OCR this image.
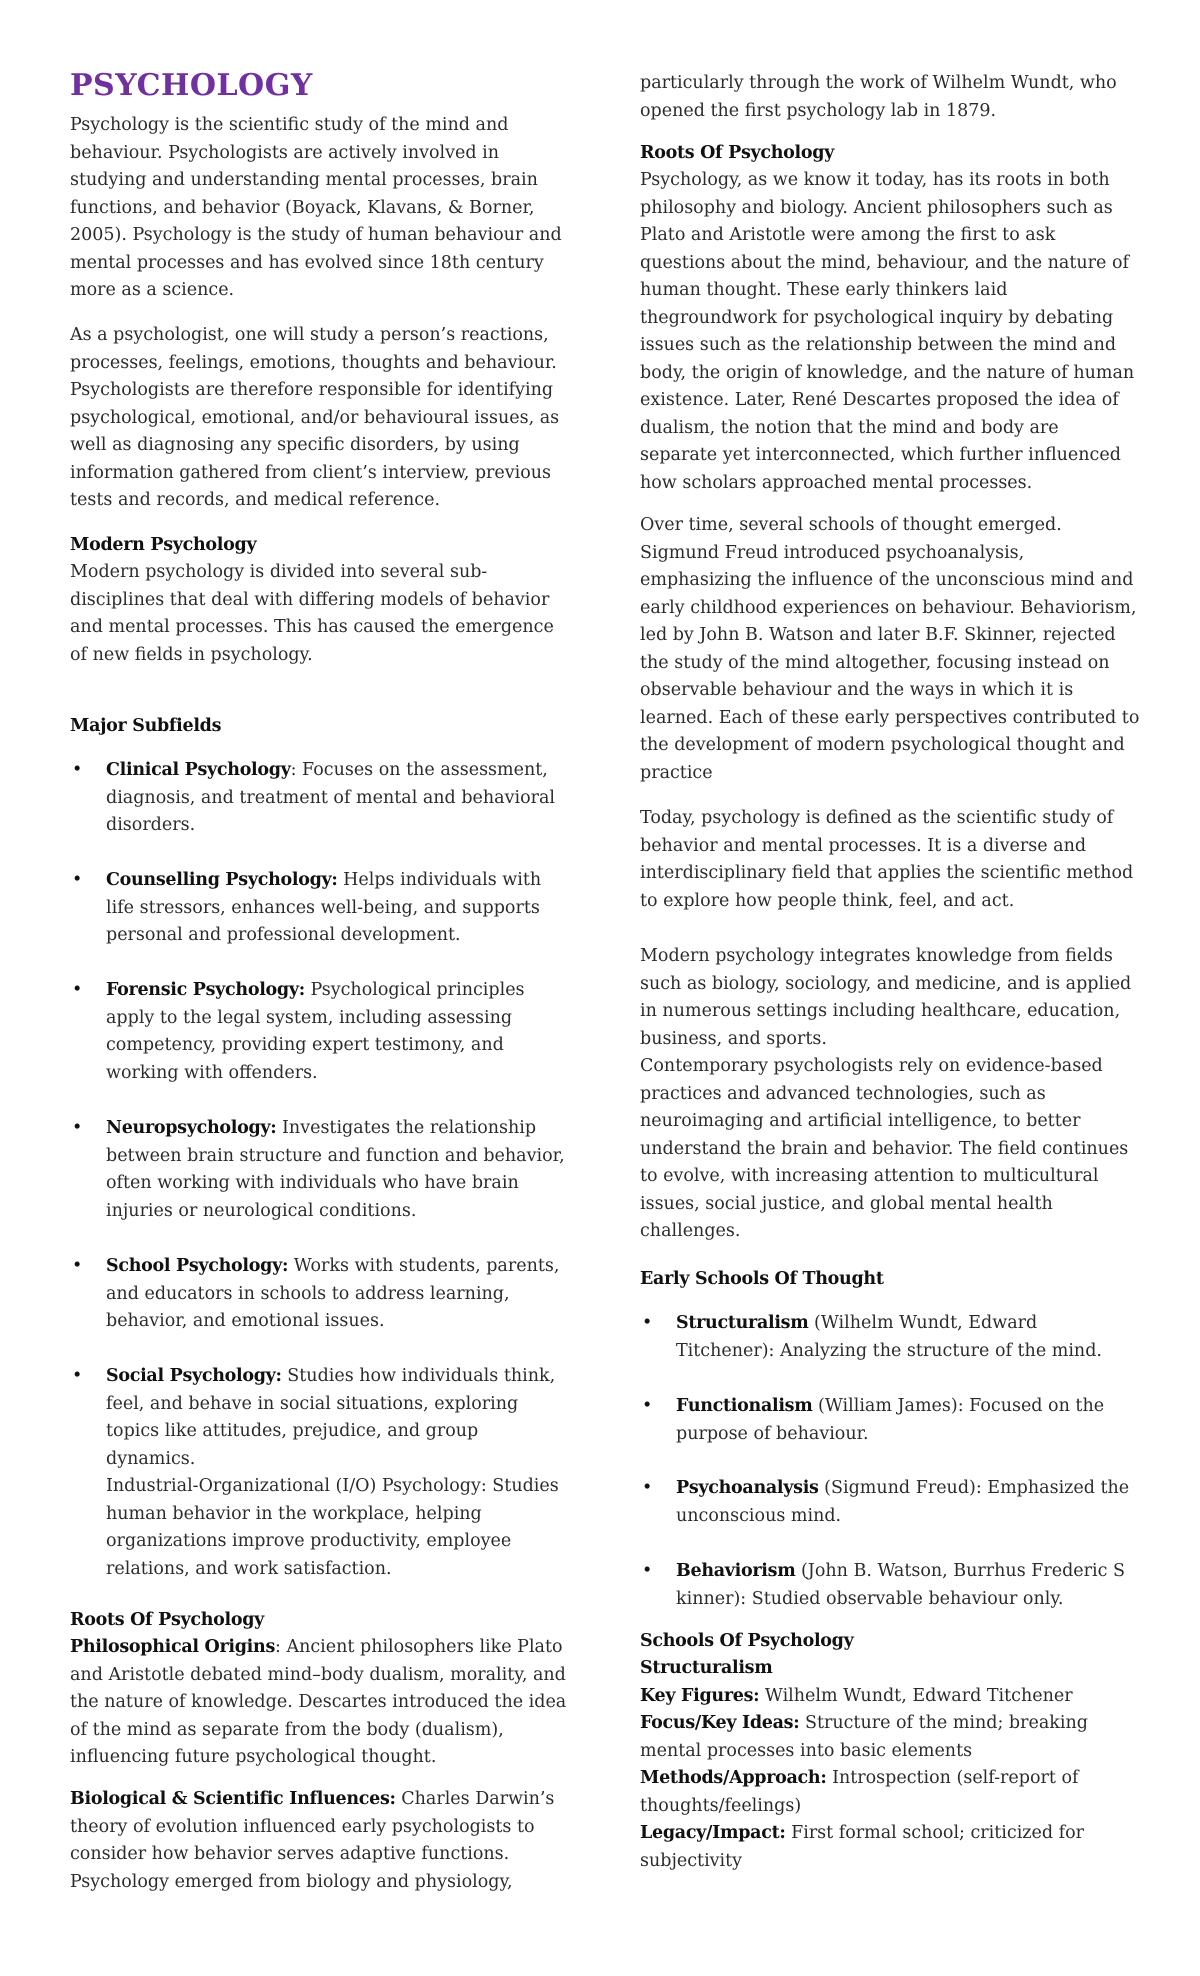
PSYCHOLOGY

Psychology is the scientific study of the mind and behaviour. Psychologists are actively involved in studying and understanding mental processes, brain functions, and behavior (Boyack, Klavans, & Borner, 2005). Psychology is the study of human behaviour and mental processes and has evolved since 18th century more as a science.

As a psychologist, one will study a person’s reactions, processes, feelings, emotions, thoughts and behaviour. Psychologists are therefore responsible for identifying psychological, emotional, and/or behavioural issues, as well as diagnosing any specific disorders, by using information gathered from client’s interview, previous tests and records, and medical reference.

Modern Psychology

Modern psychology is divided into several sub-disciplines that deal with differing models of behavior and mental processes. This has caused the emergence of new fields in psychology.

Major Subfields
• Clinical Psychology: Focuses on the assessment, diagnosis, and treatment of mental and behavioral disorders.

• Counselling Psychology: Helps individuals with life stressors, enhances well-being, and supports personal and professional development.

• Forensic Psychology: Psychological principles apply to the legal system, including assessing competency, providing expert testimony, and working with offenders.

• Neuropsychology: Investigates the relationship between brain structure and function and behavior, often working with individuals who have brain injuries or neurological conditions.

• School Psychology: Works with students, parents, and educators in schools to address learning, behavior, and emotional issues.

• Social Psychology: Studies how individuals think, feel, and behave in social situations, exploring topics like attitudes, prejudice, and group dynamics.

Industrial-Organizational (I/O) Psychology: Studies human behavior in the workplace, helping organizations improve productivity, employee relations, and work satisfaction.

Roots Of Psychology

Philosophical Origins: Ancient philosophers like Plato and Aristotle debated mind–body dualism, morality, and the nature of knowledge. Descartes introduced the idea of the mind as separate from the body (dualism), influencing future psychological thought.

Biological & Scientific Influences: Charles Darwin’s theory of evolution influenced early psychologists to consider how behavior serves adaptive functions. Psychology emerged from biology and physiology,

particularly through the work of Wilhelm Wundt, who opened the first psychology lab in 1879.

Roots Of Psychology

Psychology, as we know it today, has its roots in both philosophy and biology. Ancient philosophers such as Plato and Aristotle were among the first to ask questions about the mind, behaviour, and the nature of human thought. These early thinkers laid thegroundwork for psychological inquiry by debating issues such as the relationship between the mind and body, the origin of knowledge, and the nature of human existence. Later, René Descartes proposed the idea of dualism, the notion that the mind and body are separate yet interconnected, which further influenced how scholars approached mental processes.

Over time, several schools of thought emerged. Sigmund Freud introduced psychoanalysis, emphasizing the influence of the unconscious mind and early childhood experiences on behaviour. Behaviorism, led by John B. Watson and later B.F. Skinner, rejected the study of the mind altogether, focusing instead on observable behaviour and the ways in which it is learned. Each of these early perspectives contributed to the development of modern psychological thought and practice

Today, psychology is defined as the scientific study of behavior and mental processes. It is a diverse and interdisciplinary field that applies the scientific method to explore how people think, feel, and act.

Modern psychology integrates knowledge from fields such as biology, sociology, and medicine, and is applied in numerous settings including healthcare, education, business, and sports.

Contemporary psychologists rely on evidence-based practices and advanced technologies, such as neuroimaging and artificial intelligence, to better understand the brain and behavior. The field continues to evolve, with increasing attention to multicultural issues, social justice, and global mental health challenges.

Early Schools Of Thought
• Structuralism (Wilhelm Wundt, Edward Titchener): Analyzing the structure of the mind.

• Functionalism (William James): Focused on the purpose of behaviour.

• Psychoanalysis (Sigmund Freud): Emphasized the unconscious mind.

• Behaviorism (John B. Watson, Burrhus Frederic S kinner): Studied observable behaviour only.

Schools Of Psychology
Structuralism

Key Figures: Wilhelm Wundt, Edward Titchener

Focus/Key Ideas: Structure of the mind; breaking mental processes into basic elements

Methods/Approach: Introspection (self-report of thoughts/feelings)

Legacy/Impact: First formal school; criticized for subjectivity
